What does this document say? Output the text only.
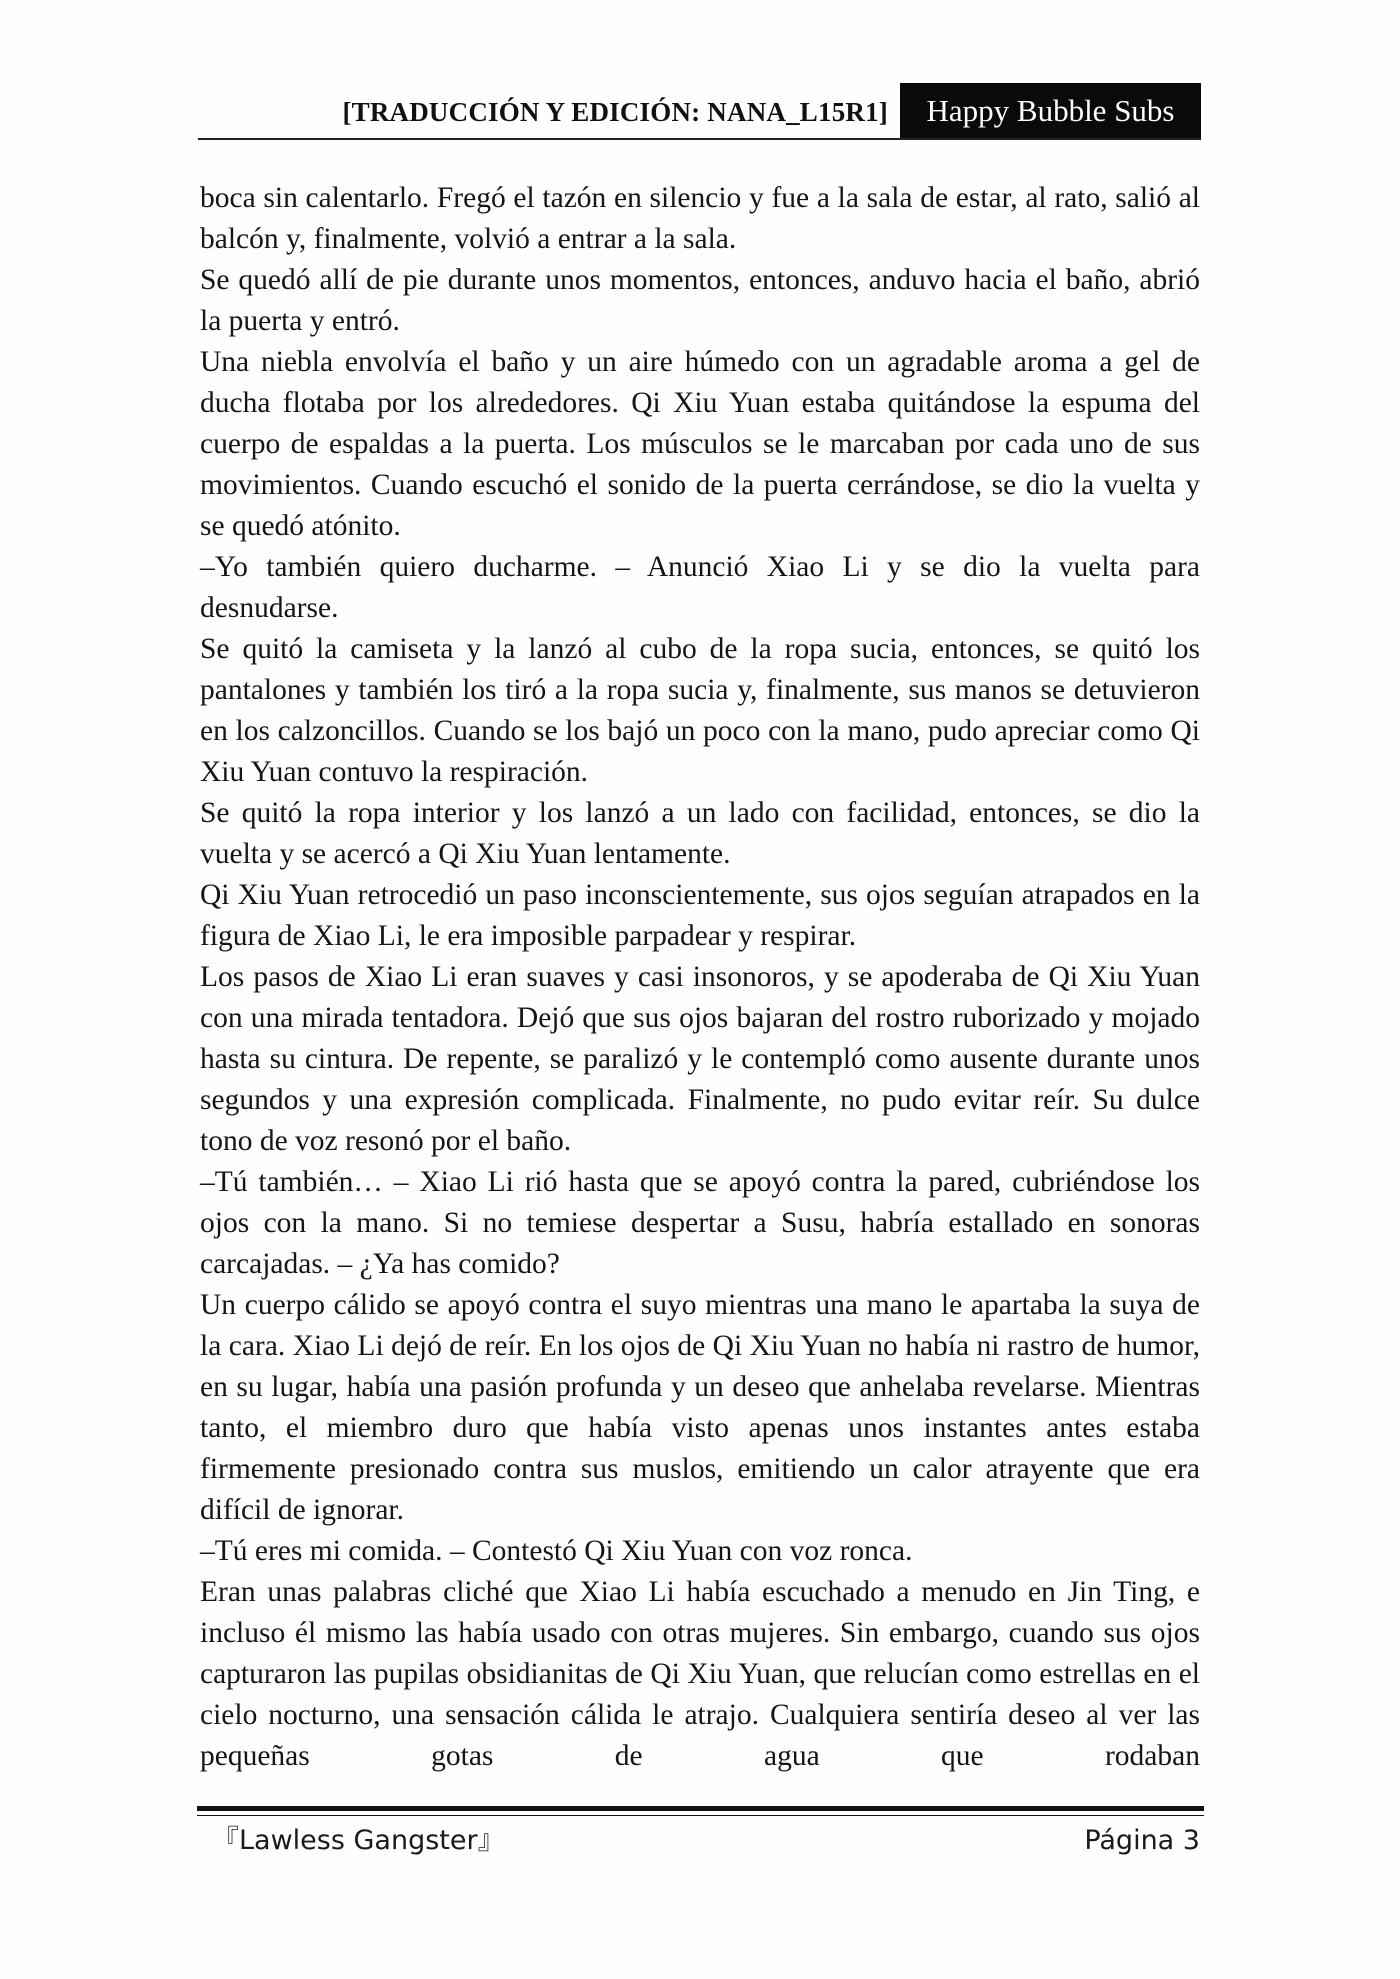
[TRADUCCIÓN Y EDICIÓN: NANA_L15R1]	Happy Bubble Subs

boca sin calentarlo. Fregó el tazón en silencio y fue a la sala de estar, al rato, salió al balcón y, finalmente, volvió a entrar a la sala.

Se quedó allí de pie durante unos momentos, entonces, anduvo hacia el baño, abrió la puerta y entró.

Una niebla envolvía el baño y un aire húmedo con un agradable aroma a gel de ducha flotaba por los alrededores. Qi Xiu Yuan estaba quitándose la espuma del cuerpo de espaldas a la puerta. Los músculos se le marcaban por cada uno de sus movimientos. Cuando escuchó el sonido de la puerta cerrándose, se dio la vuelta y se quedó atónito.

–Yo también quiero ducharme. – Anunció Xiao Li y se dio la vuelta para desnudarse.

Se quitó la camiseta y la lanzó al cubo de la ropa sucia, entonces, se quitó los pantalones y también los tiró a la ropa sucia y, finalmente, sus manos se detuvieron en los calzoncillos. Cuando se los bajó un poco con la mano, pudo apreciar como Qi Xiu Yuan contuvo la respiración.

Se quitó la ropa interior y los lanzó a un lado con facilidad, entonces, se dio la vuelta y se acercó a Qi Xiu Yuan lentamente.

Qi Xiu Yuan retrocedió un paso inconscientemente, sus ojos seguían atrapados en la figura de Xiao Li, le era imposible parpadear y respirar.

Los pasos de Xiao Li eran suaves y casi insonoros, y se apoderaba de Qi Xiu Yuan con una mirada tentadora. Dejó que sus ojos bajaran del rostro ruborizado y mojado hasta su cintura. De repente, se paralizó y le contempló como ausente durante unos segundos y una expresión complicada. Finalmente, no pudo evitar reír. Su dulce tono de voz resonó por el baño.

–Tú también… – Xiao Li rió hasta que se apoyó contra la pared, cubriéndose los ojos con la mano. Si no temiese despertar a Susu, habría estallado en sonoras carcajadas. – ¿Ya has comido?

Un cuerpo cálido se apoyó contra el suyo mientras una mano le apartaba la suya de la cara. Xiao Li dejó de reír. En los ojos de Qi Xiu Yuan no había ni rastro de humor, en su lugar, había una pasión profunda y un deseo que anhelaba revelarse. Mientras tanto, el miembro duro que había visto apenas unos instantes antes estaba firmemente presionado contra sus muslos, emitiendo un calor atrayente que era difícil de ignorar.

–Tú eres mi comida. – Contestó Qi Xiu Yuan con voz ronca.

Eran unas palabras cliché que Xiao Li había escuchado a menudo en Jin Ting, e incluso él mismo las había usado con otras mujeres. Sin embargo, cuando sus ojos capturaron las pupilas obsidianitas de Qi Xiu Yuan, que relucían como estrellas en el cielo nocturno, una sensación cálida le atrajo. Cualquiera sentiría deseo al ver las pequeñas gotas de agua que rodaban

『Lawless Gangster』	Página 3
